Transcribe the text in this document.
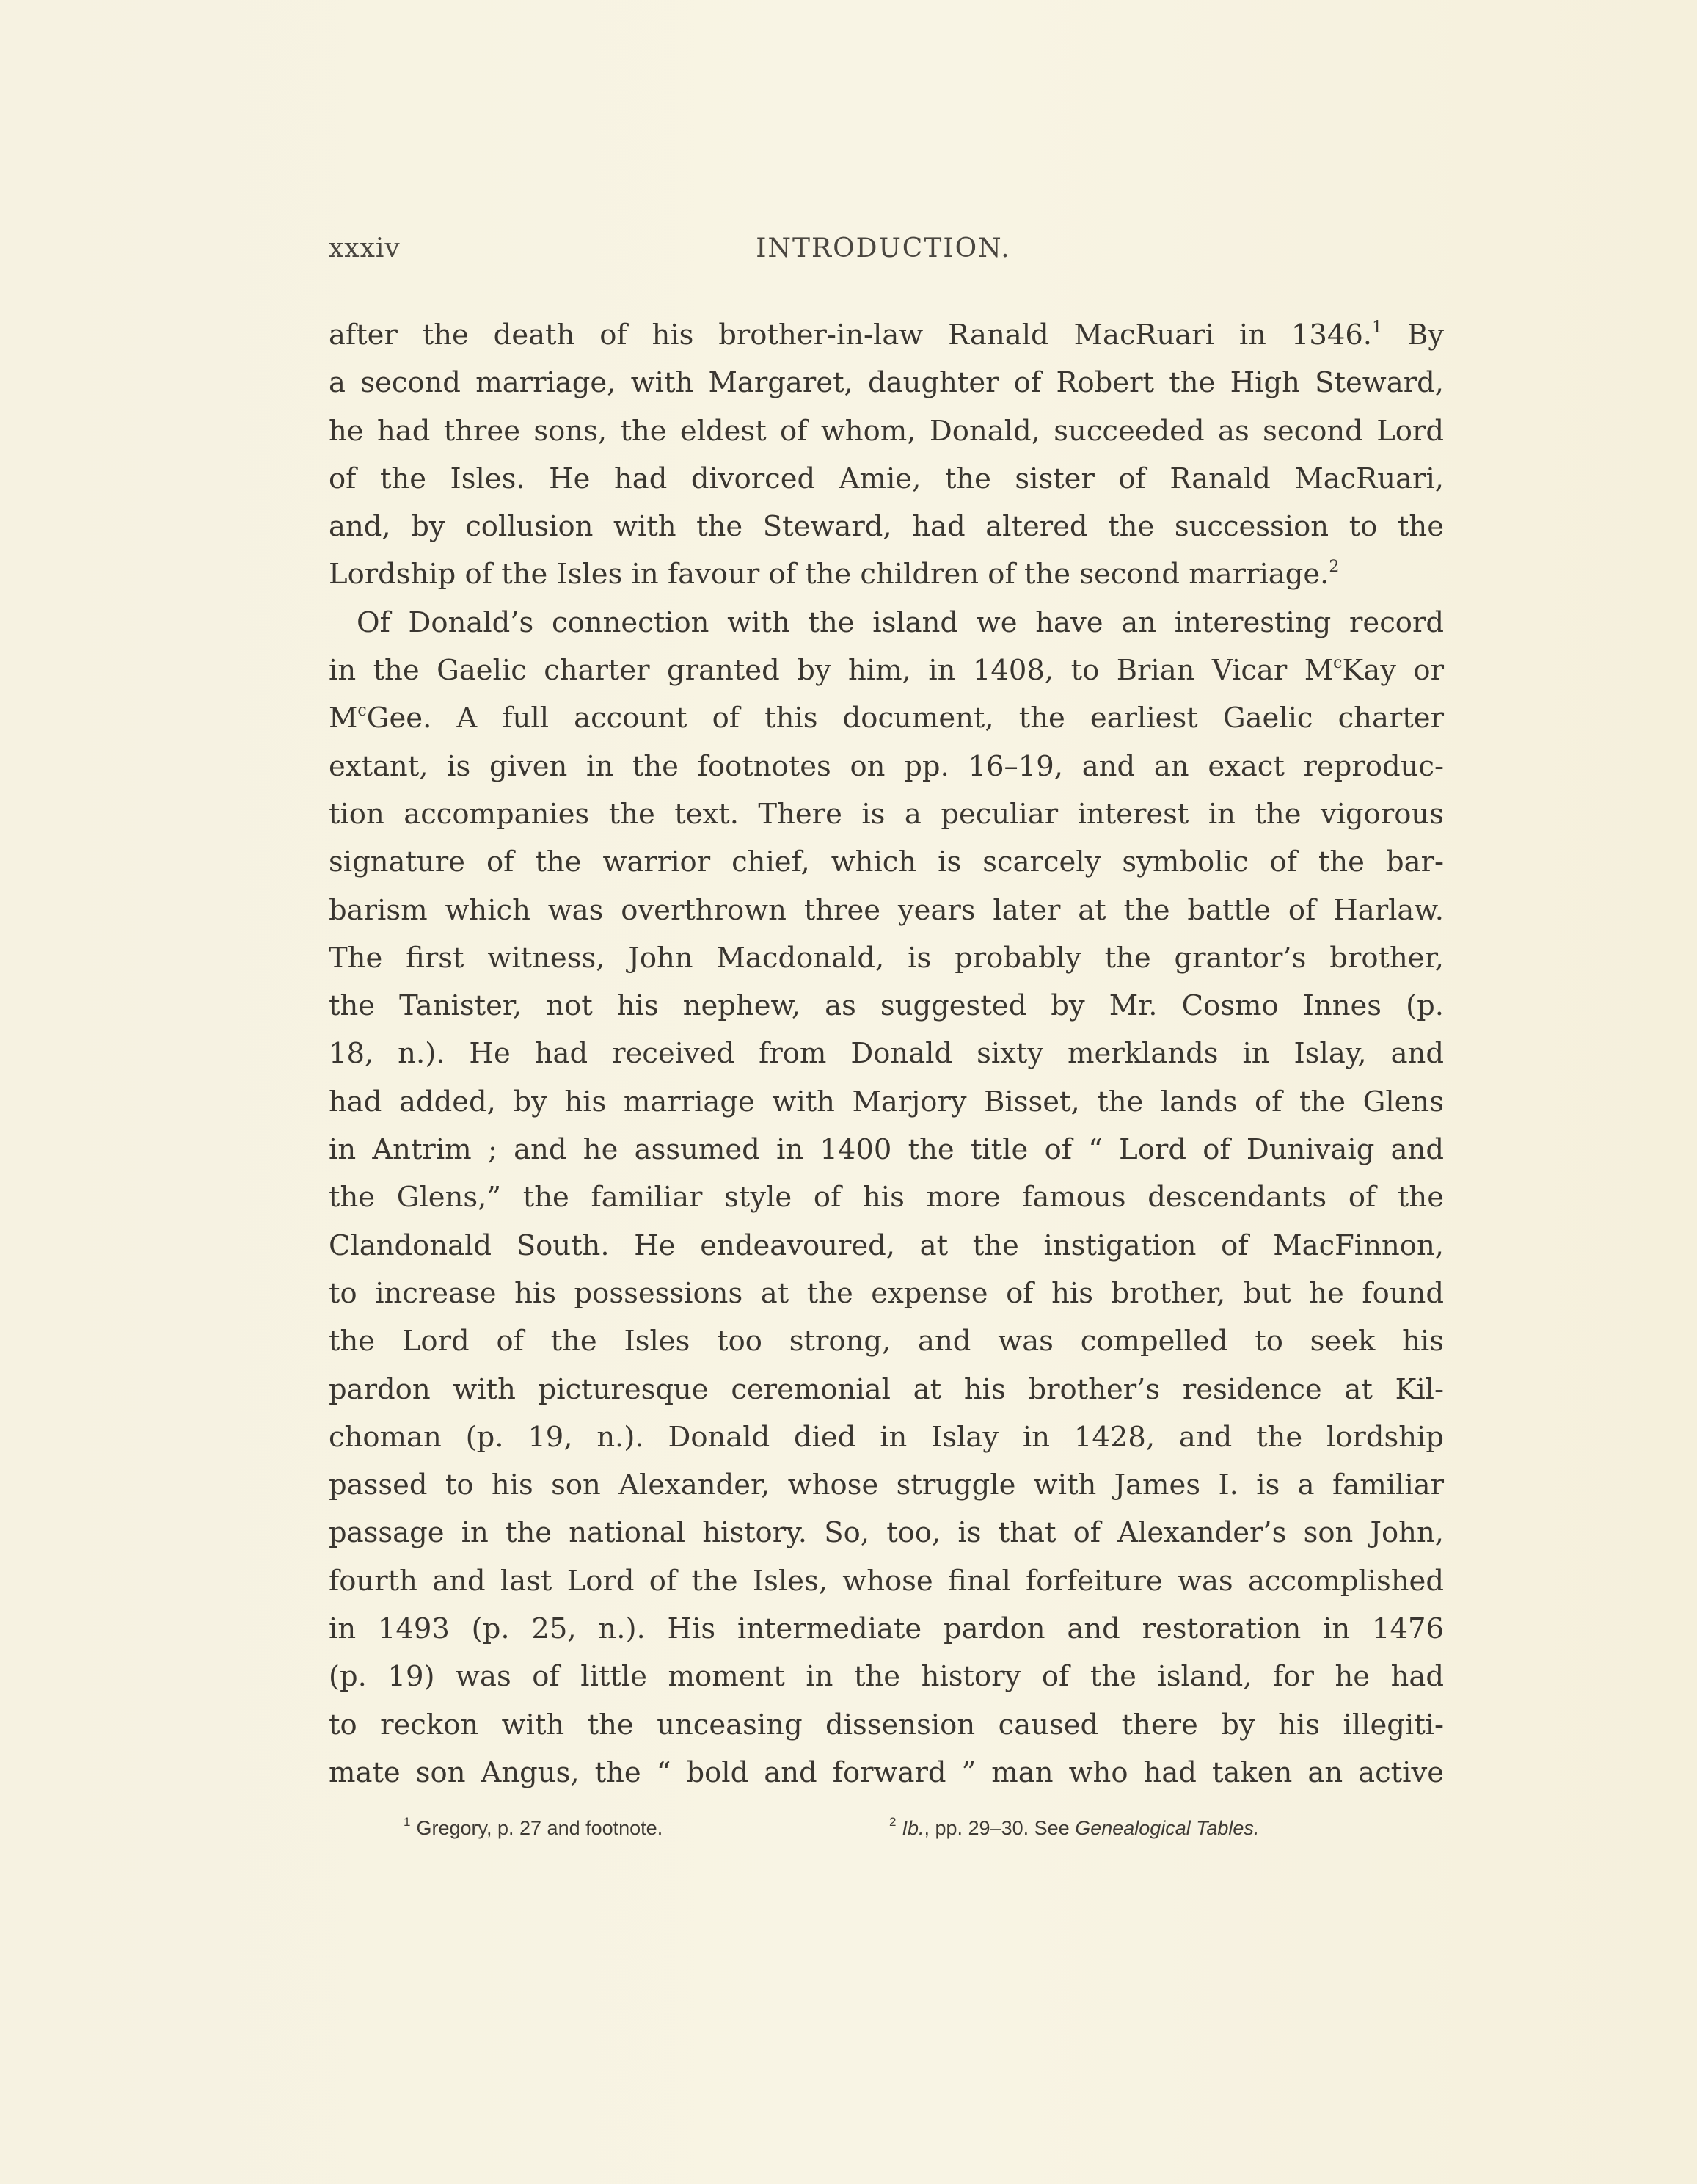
xxxiv	INTRODUCTION.
after the death of his brother-in-law Ranald MacRuari in 1346.$^1$ By
a second marriage, with Margaret, daughter of Robert the High Steward,
he had three sons, the eldest of whom, Donald, succeeded as second Lord
of the Isles. He had divorced Amie, the sister of Ranald MacRuari,
and, by collusion with the Steward, had altered the succession to the
Lordship of the Isles in favour of the children of the second marriage.$^2$
Of Donald’s connection with the island we have an interesting record
in the Gaelic charter granted by him, in 1408, to Brian Vicar $M^cKay$ or
$M^cGee$. A full account of this document, the earliest Gaelic charter
extant, is given in the footnotes on pp. 16–19, and an exact reproduc-
tion accompanies the text. There is a peculiar interest in the vigorous
signature of the warrior chief, which is scarcely symbolic of the bar-
barism which was overthrown three years later at the battle of Harlaw.
The first witness, John Macdonald, is probably the grantor’s brother,
the Tanister, not his nephew, as suggested by Mr. Cosmo Innes (p.
18, n.). He had received from Donald sixty merklands in Islay, and
had added, by his marriage with Marjory Bisset, the lands of the Glens
in Antrim ; and he assumed in 1400 the title of “ Lord of Dunivaig and
the Glens,” the familiar style of his more famous descendants of the
Clandonald South. He endeavoured, at the instigation of MacFinnon,
to increase his possessions at the expense of his brother, but he found
the Lord of the Isles too strong, and was compelled to seek his
pardon with picturesque ceremonial at his brother’s residence at Kil-
choman (p. 19, n.). Donald died in Islay in 1428, and the lordship
passed to his son Alexander, whose struggle with James I. is a familiar
passage in the national history. So, too, is that of Alexander’s son John,
fourth and last Lord of the Isles, whose final forfeiture was accomplished
in 1493 (p. 25, n.). His intermediate pardon and restoration in 1476
(p. 19) was of little moment in the history of the island, for he had
to reckon with the unceasing dissension caused there by his illegiti-
mate son Angus, the “ bold and forward ” man who had taken an active
$^1$ Gregory, p. 27 and footnote.	$^2$ Ib., pp. 29–30. See Genealogical Tables.
